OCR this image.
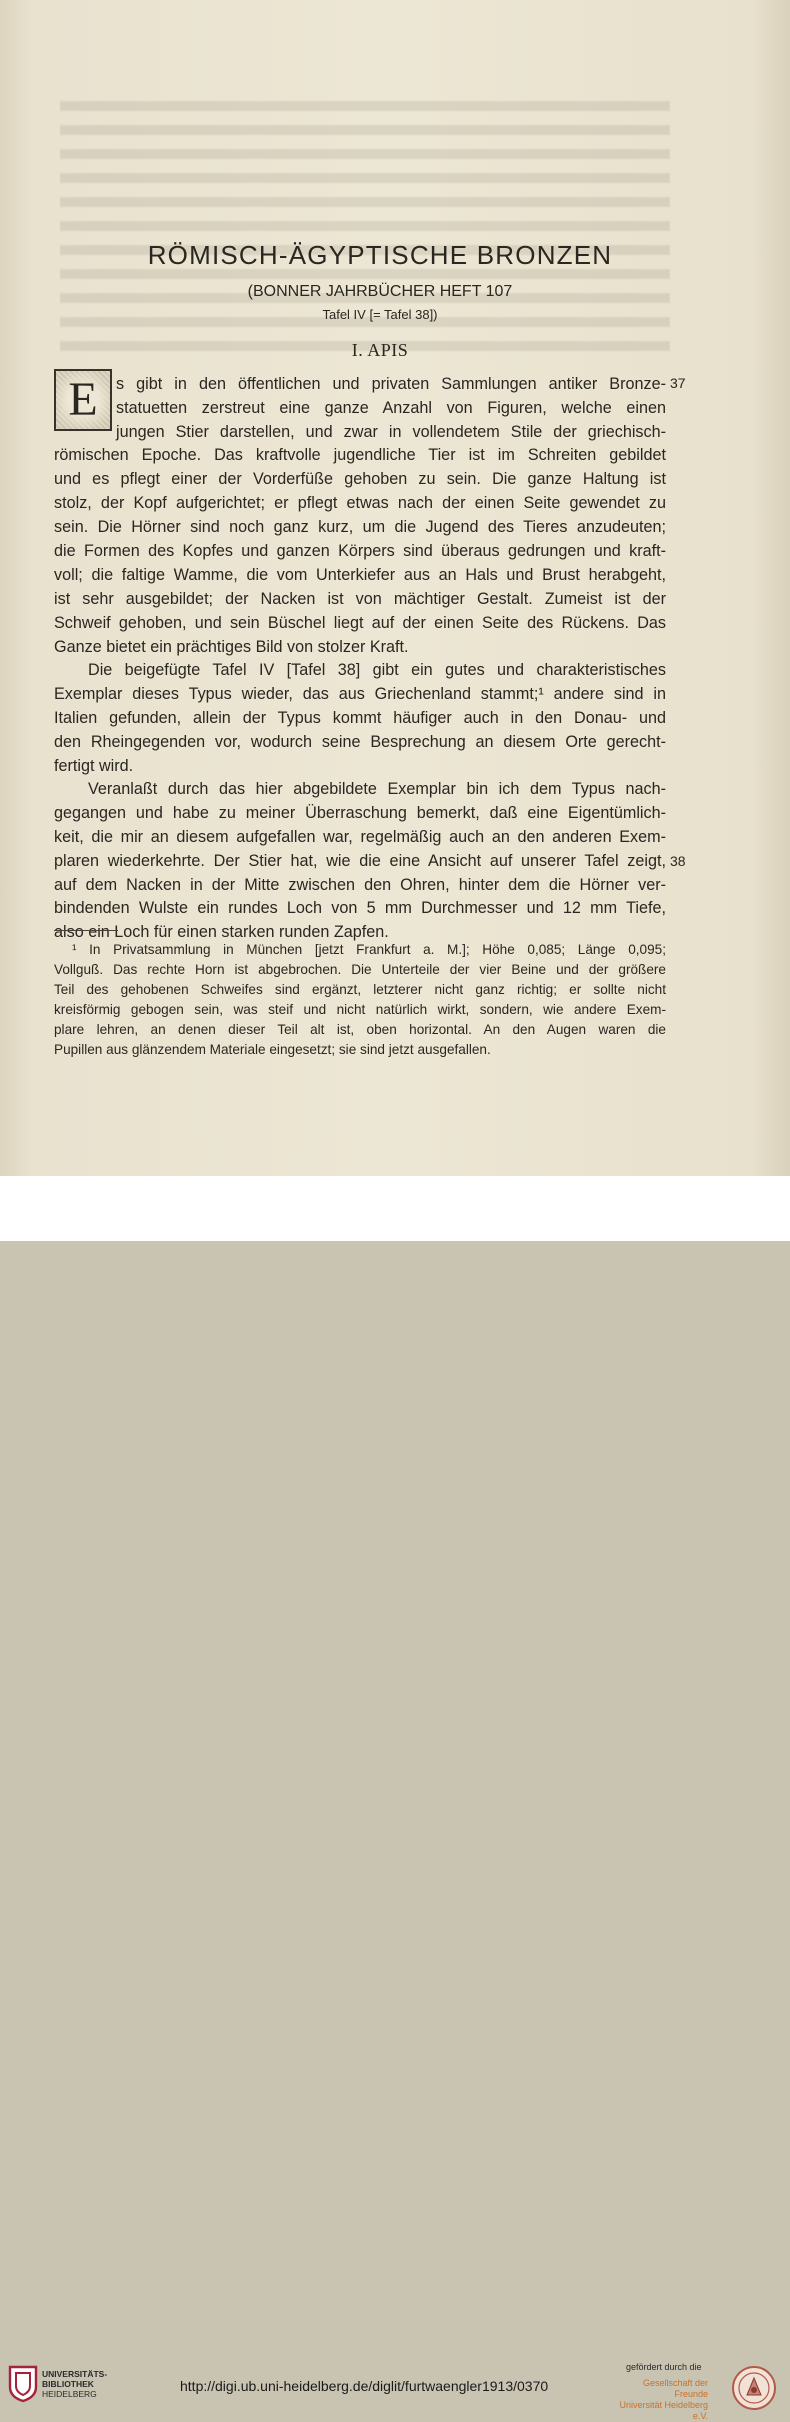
RÖMISCH-ÄGYPTISCHE BRONZEN
(BONNER JAHRBÜCHER HEFT 107
Tafel IV [= Tafel 38])
I. APIS
E	s gibt in den öffentlichen und privaten Sammlungen antiker Bronze-
statuetten zerstreut eine ganze Anzahl von Figuren, welche einen
jungen Stier darstellen, und zwar in vollendetem Stile der griechisch-
römischen Epoche. Das kraftvolle jugendliche Tier ist im Schreiten gebildet
und es pflegt einer der Vorderfüße gehoben zu sein. Die ganze Haltung ist
stolz, der Kopf aufgerichtet; er pflegt etwas nach der einen Seite gewendet zu
sein. Die Hörner sind noch ganz kurz, um die Jugend des Tieres anzudeuten;
die Formen des Kopfes und ganzen Körpers sind überaus gedrungen und kraft-
voll; die faltige Wamme, die vom Unterkiefer aus an Hals und Brust herabgeht,
ist sehr ausgebildet; der Nacken ist von mächtiger Gestalt. Zumeist ist der
Schweif gehoben, und sein Büschel liegt auf der einen Seite des Rückens. Das
Ganze bietet ein prächtiges Bild von stolzer Kraft.
Die beigefügte Tafel IV [Tafel 38] gibt ein gutes und charakteristisches
Exemplar dieses Typus wieder, das aus Griechenland stammt;¹ andere sind in
Italien gefunden, allein der Typus kommt häufiger auch in den Donau- und
den Rheingegenden vor, wodurch seine Besprechung an diesem Orte gerecht-
fertigt wird.
Veranlaßt durch das hier abgebildete Exemplar bin ich dem Typus nach-
gegangen und habe zu meiner Überraschung bemerkt, daß eine Eigentümlich-
keit, die mir an diesem aufgefallen war, regelmäßig auch an den anderen Exem-
plaren wiederkehrte. Der Stier hat, wie die eine Ansicht auf unserer Tafel zeigt,
auf dem Nacken in der Mitte zwischen den Ohren, hinter dem die Hörner ver-
bindenden Wulste ein rundes Loch von 5 mm Durchmesser und 12 mm Tiefe,
also ein Loch für einen starken runden Zapfen.
37
38
¹ In Privatsammlung in München [jetzt Frankfurt a. M.]; Höhe 0,085; Länge 0,095;
Vollguß. Das rechte Horn ist abgebrochen. Die Unterteile der vier Beine und der größere
Teil des gehobenen Schweifes sind ergänzt, letzterer nicht ganz richtig; er sollte nicht
kreisförmig gebogen sein, was steif und nicht natürlich wirkt, sondern, wie andere Exem-
plare lehren, an denen dieser Teil alt ist, oben horizontal. An den Augen waren die
Pupillen aus glänzendem Materiale eingesetzt; sie sind jetzt ausgefallen.
UNIVERSITÄTS-
BIBLIOTHEK
HEIDELBERG	http://digi.ub.uni-heidelberg.de/diglit/furtwaengler1913/0370
gefördert durch die
Gesellschaft der Freunde
Universität Heidelberg e.V.
